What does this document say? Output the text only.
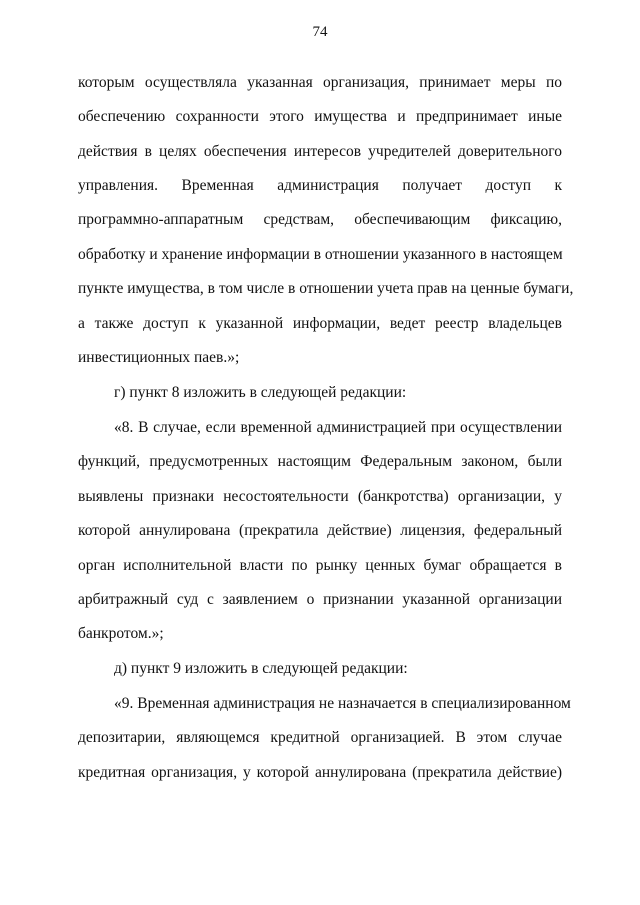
74
которым осуществляла указанная организация, принимает меры по
обеспечению сохранности этого имущества и предпринимает иные
действия в целях обеспечения интересов учредителей доверительного
управления. Временная администрация получает доступ к
программно-аппаратным средствам, обеспечивающим фиксацию,
обработку и хранение информации в отношении указанного в настоящем
пункте имущества, в том числе в отношении учета прав на ценные бумаги,
а также доступ к указанной информации, ведет реестр владельцев
инвестиционных паев.»;
г) пункт 8 изложить в следующей редакции:
«8. В случае, если временной администрацией при осуществлении
функций, предусмотренных настоящим Федеральным законом, были
выявлены признаки несостоятельности (банкротства) организации, у
которой аннулирована (прекратила действие) лицензия, федеральный
орган исполнительной власти по рынку ценных бумаг обращается в
арбитражный суд с заявлением о признании указанной организации
банкротом.»;
д) пункт 9 изложить в следующей редакции:
«9. Временная администрация не назначается в специализированном
депозитарии, являющемся кредитной организацией. В этом случае
кредитная организация, у которой аннулирована (прекратила действие)
